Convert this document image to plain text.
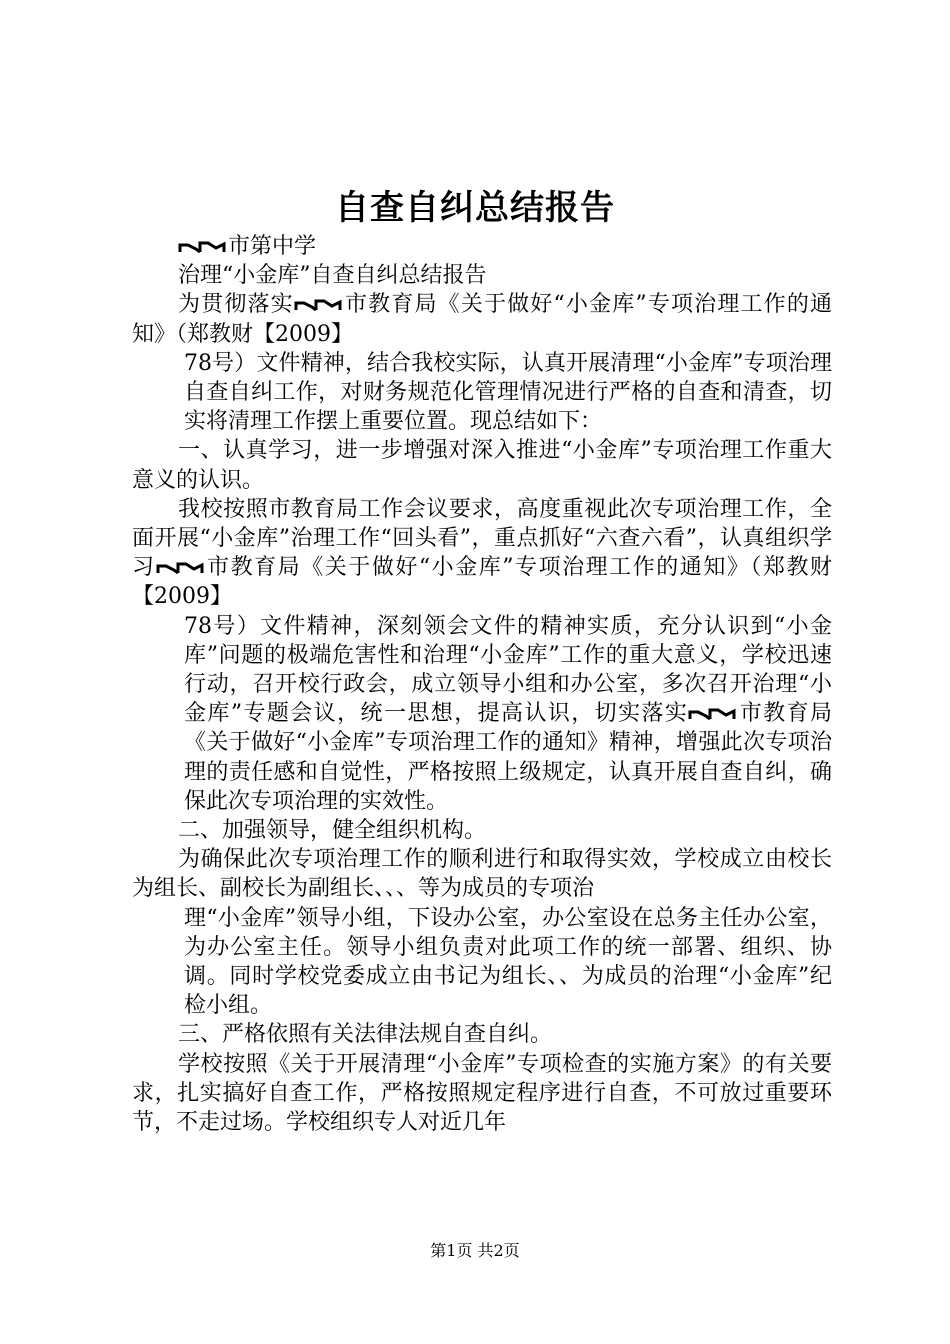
自查自纠总结报告

市第中学

治理“小金库”自查自纠总结报告

为贯彻落实 市教育局《关于做好“小金库”专项治理工作的通知》（郑教财【2009】

78号）文件精神，结合我校实际，认真开展清理“小金库”专项治理自查自纠工作，对财务规范化管理情况进行严格的自查和清查，切实将清理工作摆上重要位置。现总结如下：

一、认真学习，进一步增强对深入推进“小金库”专项治理工作重大意义的认识。

我校按照市教育局工作会议要求，高度重视此次专项治理工作，全面开展“小金库”治理工作“回头看”，重点抓好“六查六看”，认真组织学习 市教育局《关于做好“小金库”专项治理工作的通知》（郑教财【2009】

78号）文件精神，深刻领会文件的精神实质，充分认识到“小金库”问题的极端危害性和治理“小金库”工作的重大意义，学校迅速行动，召开校行政会，成立领导小组和办公室，多次召开治理“小金库”专题会议，统一思想，提高认识，切实落实 市教育局《关于做好“小金库”专项治理工作的通知》精神，增强此次专项治理的责任感和自觉性，严格按照上级规定，认真开展自查自纠，确保此次专项治理的实效性。

二、加强领导，健全组织机构。

为确保此次专项治理工作的顺利进行和取得实效，学校成立由校长为组长、副校长为副组长、、、等为成员的专项治

理“小金库”领导小组，下设办公室，办公室设在总务主任办公室，为办公室主任。领导小组负责对此项工作的统一部署、组织、协调。同时学校党委成立由书记为组长、、为成员的治理“小金库”纪检小组。

三、严格依照有关法律法规自查自纠。

学校按照《关于开展清理“小金库”专项检查的实施方案》的有关要求，扎实搞好自查工作，严格按照规定程序进行自查，不可放过重要环节，不走过场。学校组织专人对近几年

第1页 共2页
